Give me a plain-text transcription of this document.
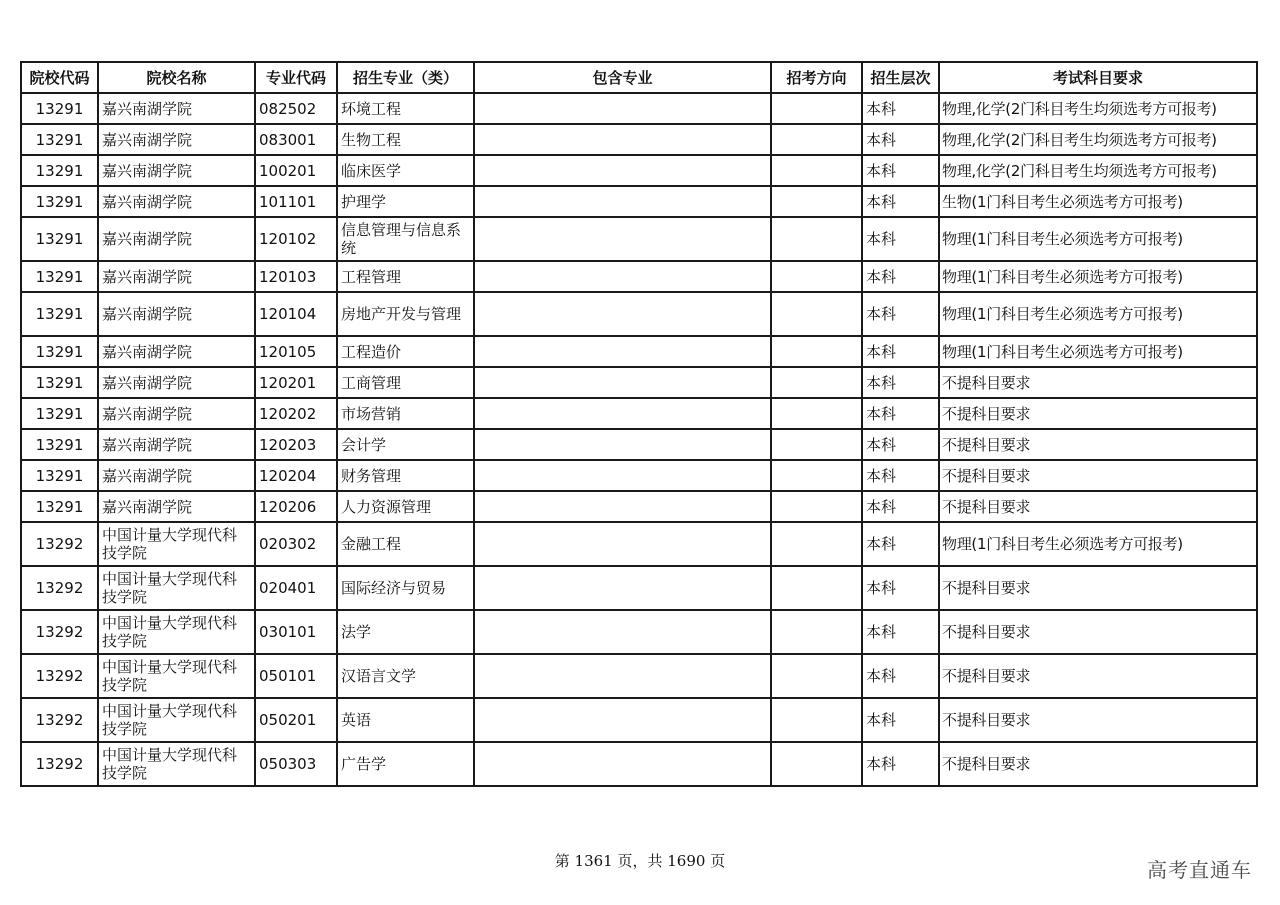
院校代码	院校名称	专业代码	招生专业（类）	包含专业	招考方向	招生层次	考试科目要求
13291	嘉兴南湖学院	082502	环境工程			本科	物理,化学(2门科目考生均须选考方可报考)
13291	嘉兴南湖学院	083001	生物工程			本科	物理,化学(2门科目考生均须选考方可报考)
13291	嘉兴南湖学院	100201	临床医学			本科	物理,化学(2门科目考生均须选考方可报考)
13291	嘉兴南湖学院	101101	护理学			本科	生物(1门科目考生必须选考方可报考)
13291	嘉兴南湖学院	120102	信息管理与信息系统			本科	物理(1门科目考生必须选考方可报考)
13291	嘉兴南湖学院	120103	工程管理			本科	物理(1门科目考生必须选考方可报考)
13291	嘉兴南湖学院	120104	房地产开发与管理			本科	物理(1门科目考生必须选考方可报考)
13291	嘉兴南湖学院	120105	工程造价			本科	物理(1门科目考生必须选考方可报考)
13291	嘉兴南湖学院	120201	工商管理			本科	不提科目要求
13291	嘉兴南湖学院	120202	市场营销			本科	不提科目要求
13291	嘉兴南湖学院	120203	会计学			本科	不提科目要求
13291	嘉兴南湖学院	120204	财务管理			本科	不提科目要求
13291	嘉兴南湖学院	120206	人力资源管理			本科	不提科目要求
13292	中国计量大学现代科技学院	020302	金融工程			本科	物理(1门科目考生必须选考方可报考)
13292	中国计量大学现代科技学院	020401	国际经济与贸易			本科	不提科目要求
13292	中国计量大学现代科技学院	030101	法学			本科	不提科目要求
13292	中国计量大学现代科技学院	050101	汉语言文学			本科	不提科目要求
13292	中国计量大学现代科技学院	050201	英语			本科	不提科目要求
13292	中国计量大学现代科技学院	050303	广告学			本科	不提科目要求
第 1361 页，共 1690 页	高考直通车
